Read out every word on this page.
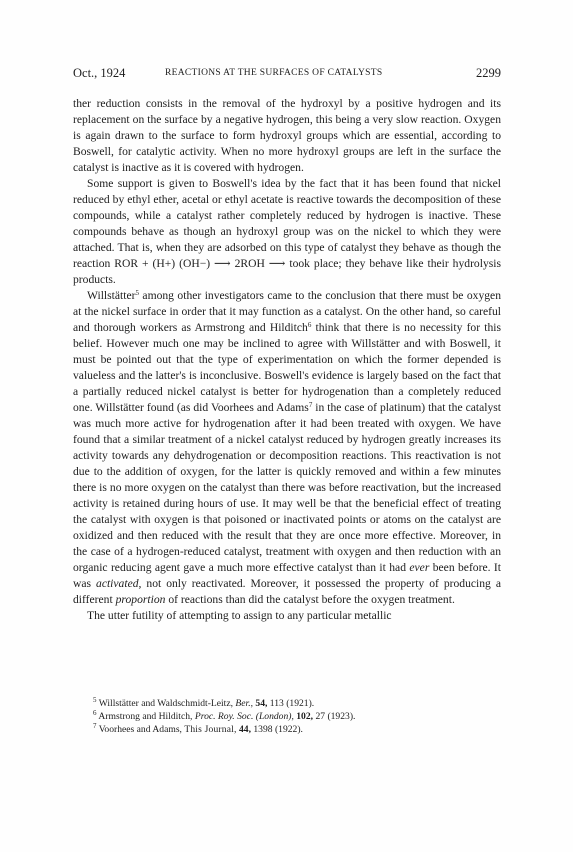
Oct., 1924	REACTIONS AT THE SURFACES OF CATALYSTS	2299

ther reduction consists in the removal of the hydroxyl by a positive hydrogen and its replacement on the surface by a negative hydrogen, this being a very slow reaction. Oxygen is again drawn to the surface to form hydroxyl groups which are essential, according to Boswell, for catalytic activity. When no more hydroxyl groups are left in the surface the catalyst is inactive as it is covered with hydrogen.

Some support is given to Boswell's idea by the fact that it has been found that nickel reduced by ethyl ether, acetal or ethyl acetate is reactive towards the decomposition of these compounds, while a catalyst rather completely reduced by hydrogen is inactive. These compounds behave as though an hydroxyl group was on the nickel to which they were attached. That is, when they are adsorbed on this type of catalyst they behave as though the reaction ROR + (H+) (OH−) ⟶ 2ROH ⟶ took place; they behave like their hydrolysis products.

Willstätter$^5$ among other investigators came to the conclusion that there must be oxygen at the nickel surface in order that it may function as a catalyst. On the other hand, so careful and thorough workers as Armstrong and Hilditch$^6$ think that there is no necessity for this belief. However much one may be inclined to agree with Willstätter and with Boswell, it must be pointed out that the type of experimentation on which the former depended is valueless and the latter's is inconclusive. Boswell's evidence is largely based on the fact that a partially reduced nickel catalyst is better for hydrogenation than a completely reduced one. Willstätter found (as did Voorhees and Adams$^7$ in the case of platinum) that the catalyst was much more active for hydrogenation after it had been treated with oxygen. We have found that a similar treatment of a nickel catalyst reduced by hydrogen greatly increases its activity towards any dehydrogenation or decomposition reactions. This reactivation is not due to the addition of oxygen, for the latter is quickly removed and within a few minutes there is no more oxygen on the catalyst than there was before reactivation, but the increased activity is retained during hours of use. It may well be that the beneficial effect of treating the catalyst with oxygen is that poisoned or inactivated points or atoms on the catalyst are oxidized and then reduced with the result that they are once more effective. Moreover, in the case of a hydrogen-reduced catalyst, treatment with oxygen and then reduction with an organic reducing agent gave a much more effective catalyst than it had ever been before. It was activated, not only reactivated. Moreover, it possessed the property of producing a different proportion of reactions than did the catalyst before the oxygen treatment.

The utter futility of attempting to assign to any particular metallic

$^5$ Willstätter and Waldschmidt-Leitz, Ber., 54, 113 (1921).
$^6$ Armstrong and Hilditch, Proc. Roy. Soc. (London), 102, 27 (1923).
$^7$ Voorhees and Adams, This Journal, 44, 1398 (1922).
